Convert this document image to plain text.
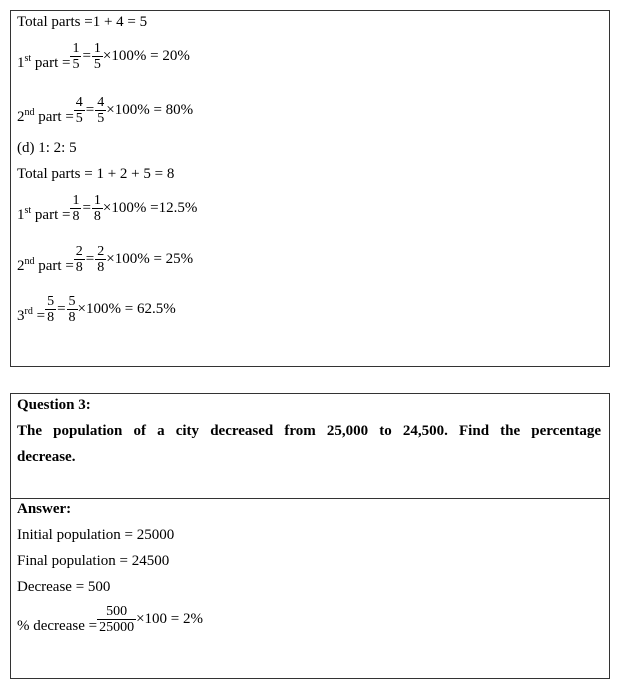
Total parts =1 + 4 = 5
1st part = $\frac{1}{5} = \frac{1}{5} \times 100\% = 20\%$
2nd part = $\frac{4}{5} = \frac{4}{5} \times 100\% = 80\%$
(d) 1: 2: 5
Total parts = 1 + 2 + 5 = 8
1st part = $\frac{1}{8} = \frac{1}{8} \times 100\% =12.5\%$
2nd part = $\frac{2}{8} = \frac{2}{8} \times 100\% = 25\%$
$3rd = \frac{5}{8} = \frac{5}{8} \times 100\% = 62.5\%$
Question 3:
The population of a city decreased from 25,000 to 24,500. Find the percentage
decrease.
Answer:
Initial population = 25000
Final population = 24500
Decrease = 500
% decrease = $\frac{500}{25000} \times 100 = 2\%$
